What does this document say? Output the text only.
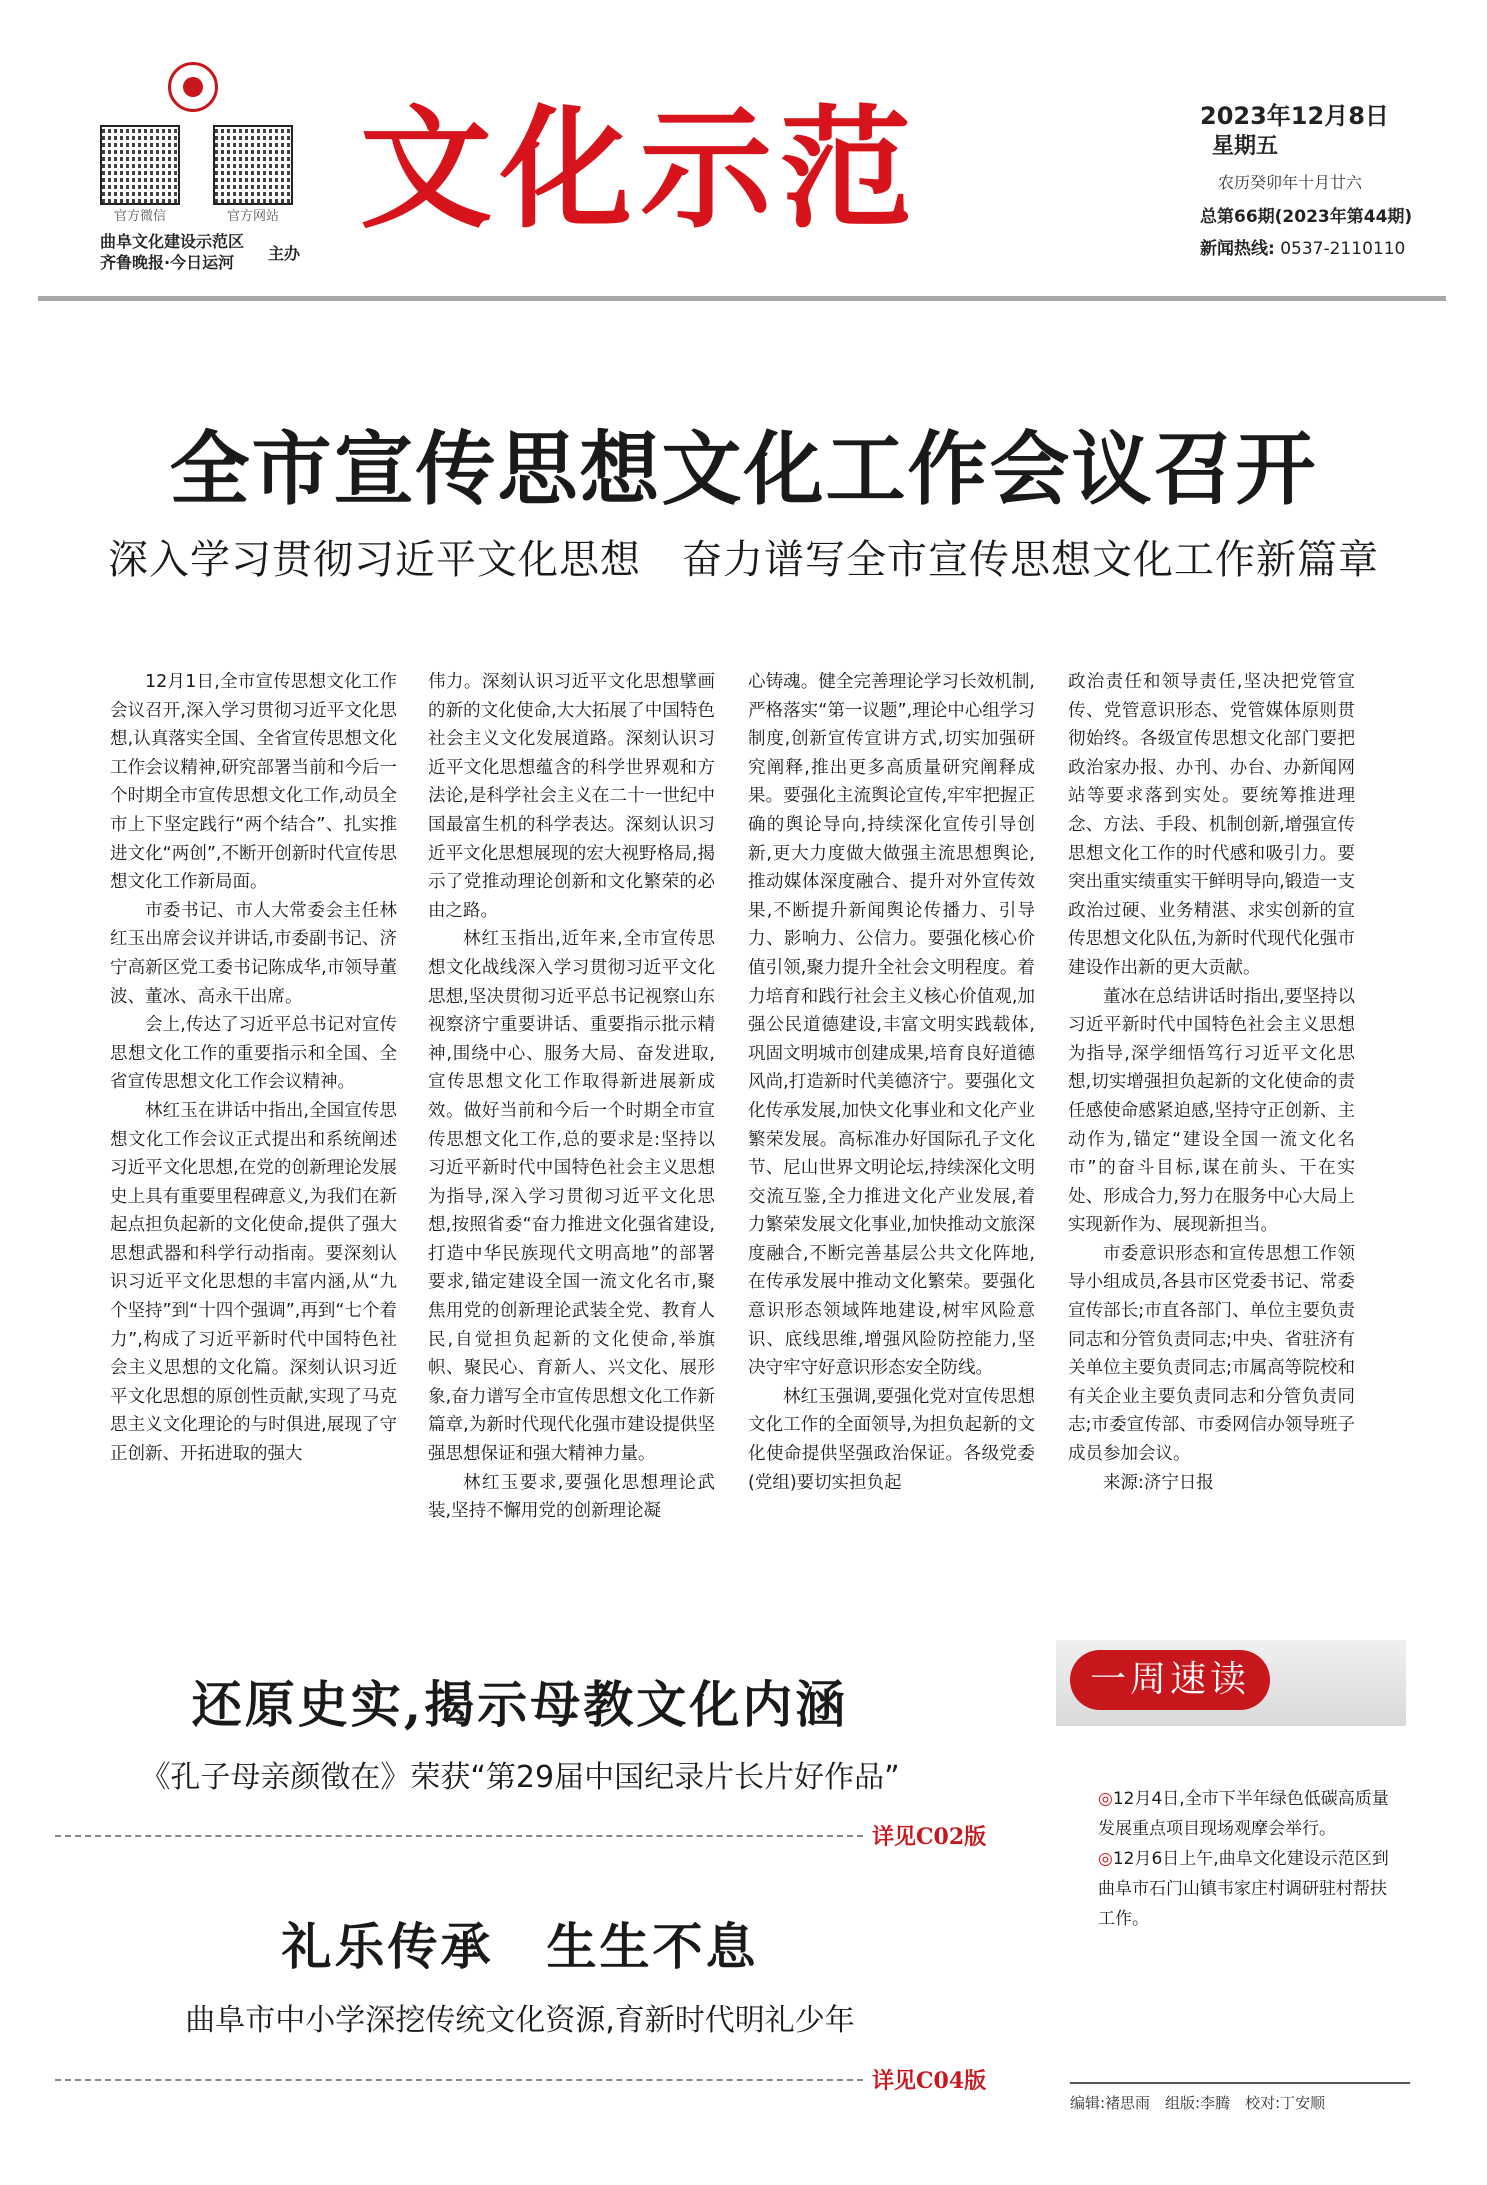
官方微信	官方网站
曲阜文化建设示范区
齐鲁晚报·今日运河	主办
文化示范	2023年12月8日
星期五
农历癸卯年十月廿六
总第66期(2023年第44期)
新闻热线: 0537-2110110
全市宣传思想文化工作会议召开
深入学习贯彻习近平文化思想　奋力谱写全市宣传思想文化工作新篇章

12月1日,全市宣传思想文化工作会议召开,深入学习贯彻习近平文化思想,认真落实全国、全省宣传思想文化工作会议精神,研究部署当前和今后一个时期全市宣传思想文化工作,动员全市上下坚定践行“两个结合”、扎实推进文化“两创”,不断开创新时代宣传思想文化工作新局面。

市委书记、市人大常委会主任林红玉出席会议并讲话,市委副书记、济宁高新区党工委书记陈成华,市领导董波、董冰、高永干出席。

会上,传达了习近平总书记对宣传思想文化工作的重要指示和全国、全省宣传思想文化工作会议精神。

林红玉在讲话中指出,全国宣传思想文化工作会议正式提出和系统阐述习近平文化思想,在党的创新理论发展史上具有重要里程碑意义,为我们在新起点担负起新的文化使命,提供了强大思想武器和科学行动指南。要深刻认识习近平文化思想的丰富内涵,从“九个坚持”到“十四个强调”,再到“七个着力”,构成了习近平新时代中国特色社会主义思想的文化篇。深刻认识习近平文化思想的原创性贡献,实现了马克思主义文化理论的与时俱进,展现了守正创新、开拓进取的强大

伟力。深刻认识习近平文化思想擘画的新的文化使命,大大拓展了中国特色社会主义文化发展道路。深刻认识习近平文化思想蕴含的科学世界观和方法论,是科学社会主义在二十一世纪中国最富生机的科学表达。深刻认识习近平文化思想展现的宏大视野格局,揭示了党推动理论创新和文化繁荣的必由之路。

林红玉指出,近年来,全市宣传思想文化战线深入学习贯彻习近平文化思想,坚决贯彻习近平总书记视察山东视察济宁重要讲话、重要指示批示精神,围绕中心、服务大局、奋发进取,宣传思想文化工作取得新进展新成效。做好当前和今后一个时期全市宣传思想文化工作,总的要求是:坚持以习近平新时代中国特色社会主义思想为指导,深入学习贯彻习近平文化思想,按照省委“奋力推进文化强省建设,打造中华民族现代文明高地”的部署要求,锚定建设全国一流文化名市,聚焦用党的创新理论武装全党、教育人民,自觉担负起新的文化使命,举旗帜、聚民心、育新人、兴文化、展形象,奋力谱写全市宣传思想文化工作新篇章,为新时代现代化强市建设提供坚强思想保证和强大精神力量。

林红玉要求,要强化思想理论武装,坚持不懈用党的创新理论凝

心铸魂。健全完善理论学习长效机制,严格落实“第一议题”,理论中心组学习制度,创新宣传宣讲方式,切实加强研究阐释,推出更多高质量研究阐释成果。要强化主流舆论宣传,牢牢把握正确的舆论导向,持续深化宣传引导创新,更大力度做大做强主流思想舆论,推动媒体深度融合、提升对外宣传效果,不断提升新闻舆论传播力、引导力、影响力、公信力。要强化核心价值引领,聚力提升全社会文明程度。着力培育和践行社会主义核心价值观,加强公民道德建设,丰富文明实践载体,巩固文明城市创建成果,培育良好道德风尚,打造新时代美德济宁。要强化文化传承发展,加快文化事业和文化产业繁荣发展。高标准办好国际孔子文化节、尼山世界文明论坛,持续深化文明交流互鉴,全力推进文化产业发展,着力繁荣发展文化事业,加快推动文旅深度融合,不断完善基层公共文化阵地,在传承发展中推动文化繁荣。要强化意识形态领域阵地建设,树牢风险意识、底线思维,增强风险防控能力,坚决守牢守好意识形态安全防线。

林红玉强调,要强化党对宣传思想文化工作的全面领导,为担负起新的文化使命提供坚强政治保证。各级党委(党组)要切实担负起

政治责任和领导责任,坚决把党管宣传、党管意识形态、党管媒体原则贯彻始终。各级宣传思想文化部门要把政治家办报、办刊、办台、办新闻网站等要求落到实处。要统筹推进理念、方法、手段、机制创新,增强宣传思想文化工作的时代感和吸引力。要突出重实绩重实干鲜明导向,锻造一支政治过硬、业务精湛、求实创新的宣传思想文化队伍,为新时代现代化强市建设作出新的更大贡献。

董冰在总结讲话时指出,要坚持以习近平新时代中国特色社会主义思想为指导,深学细悟笃行习近平文化思想,切实增强担负起新的文化使命的责任感使命感紧迫感,坚持守正创新、主动作为,锚定“建设全国一流文化名市”的奋斗目标,谋在前头、干在实处、形成合力,努力在服务中心大局上实现新作为、展现新担当。

市委意识形态和宣传思想工作领导小组成员,各县市区党委书记、常委宣传部长;市直各部门、单位主要负责同志和分管负责同志;中央、省驻济有关单位主要负责同志;市属高等院校和有关企业主要负责同志和分管负责同志;市委宣传部、市委网信办领导班子成员参加会议。

来源:济宁日报

还原史实,揭示母教文化内涵
《孔子母亲颜徵在》荣获“第29届中国纪录片长片好作品”
详见C02版
礼乐传承　生生不息
曲阜市中小学深挖传统文化资源,育新时代明礼少年
详见C04版
一周速读

◎12月4日,全市下半年绿色低碳高质量发展重点项目现场观摩会举行。

◎12月6日上午,曲阜文化建设示范区到曲阜市石门山镇韦家庄村调研驻村帮扶工作。

编辑:褚思雨　组版:李腾　校对:丁安顺
